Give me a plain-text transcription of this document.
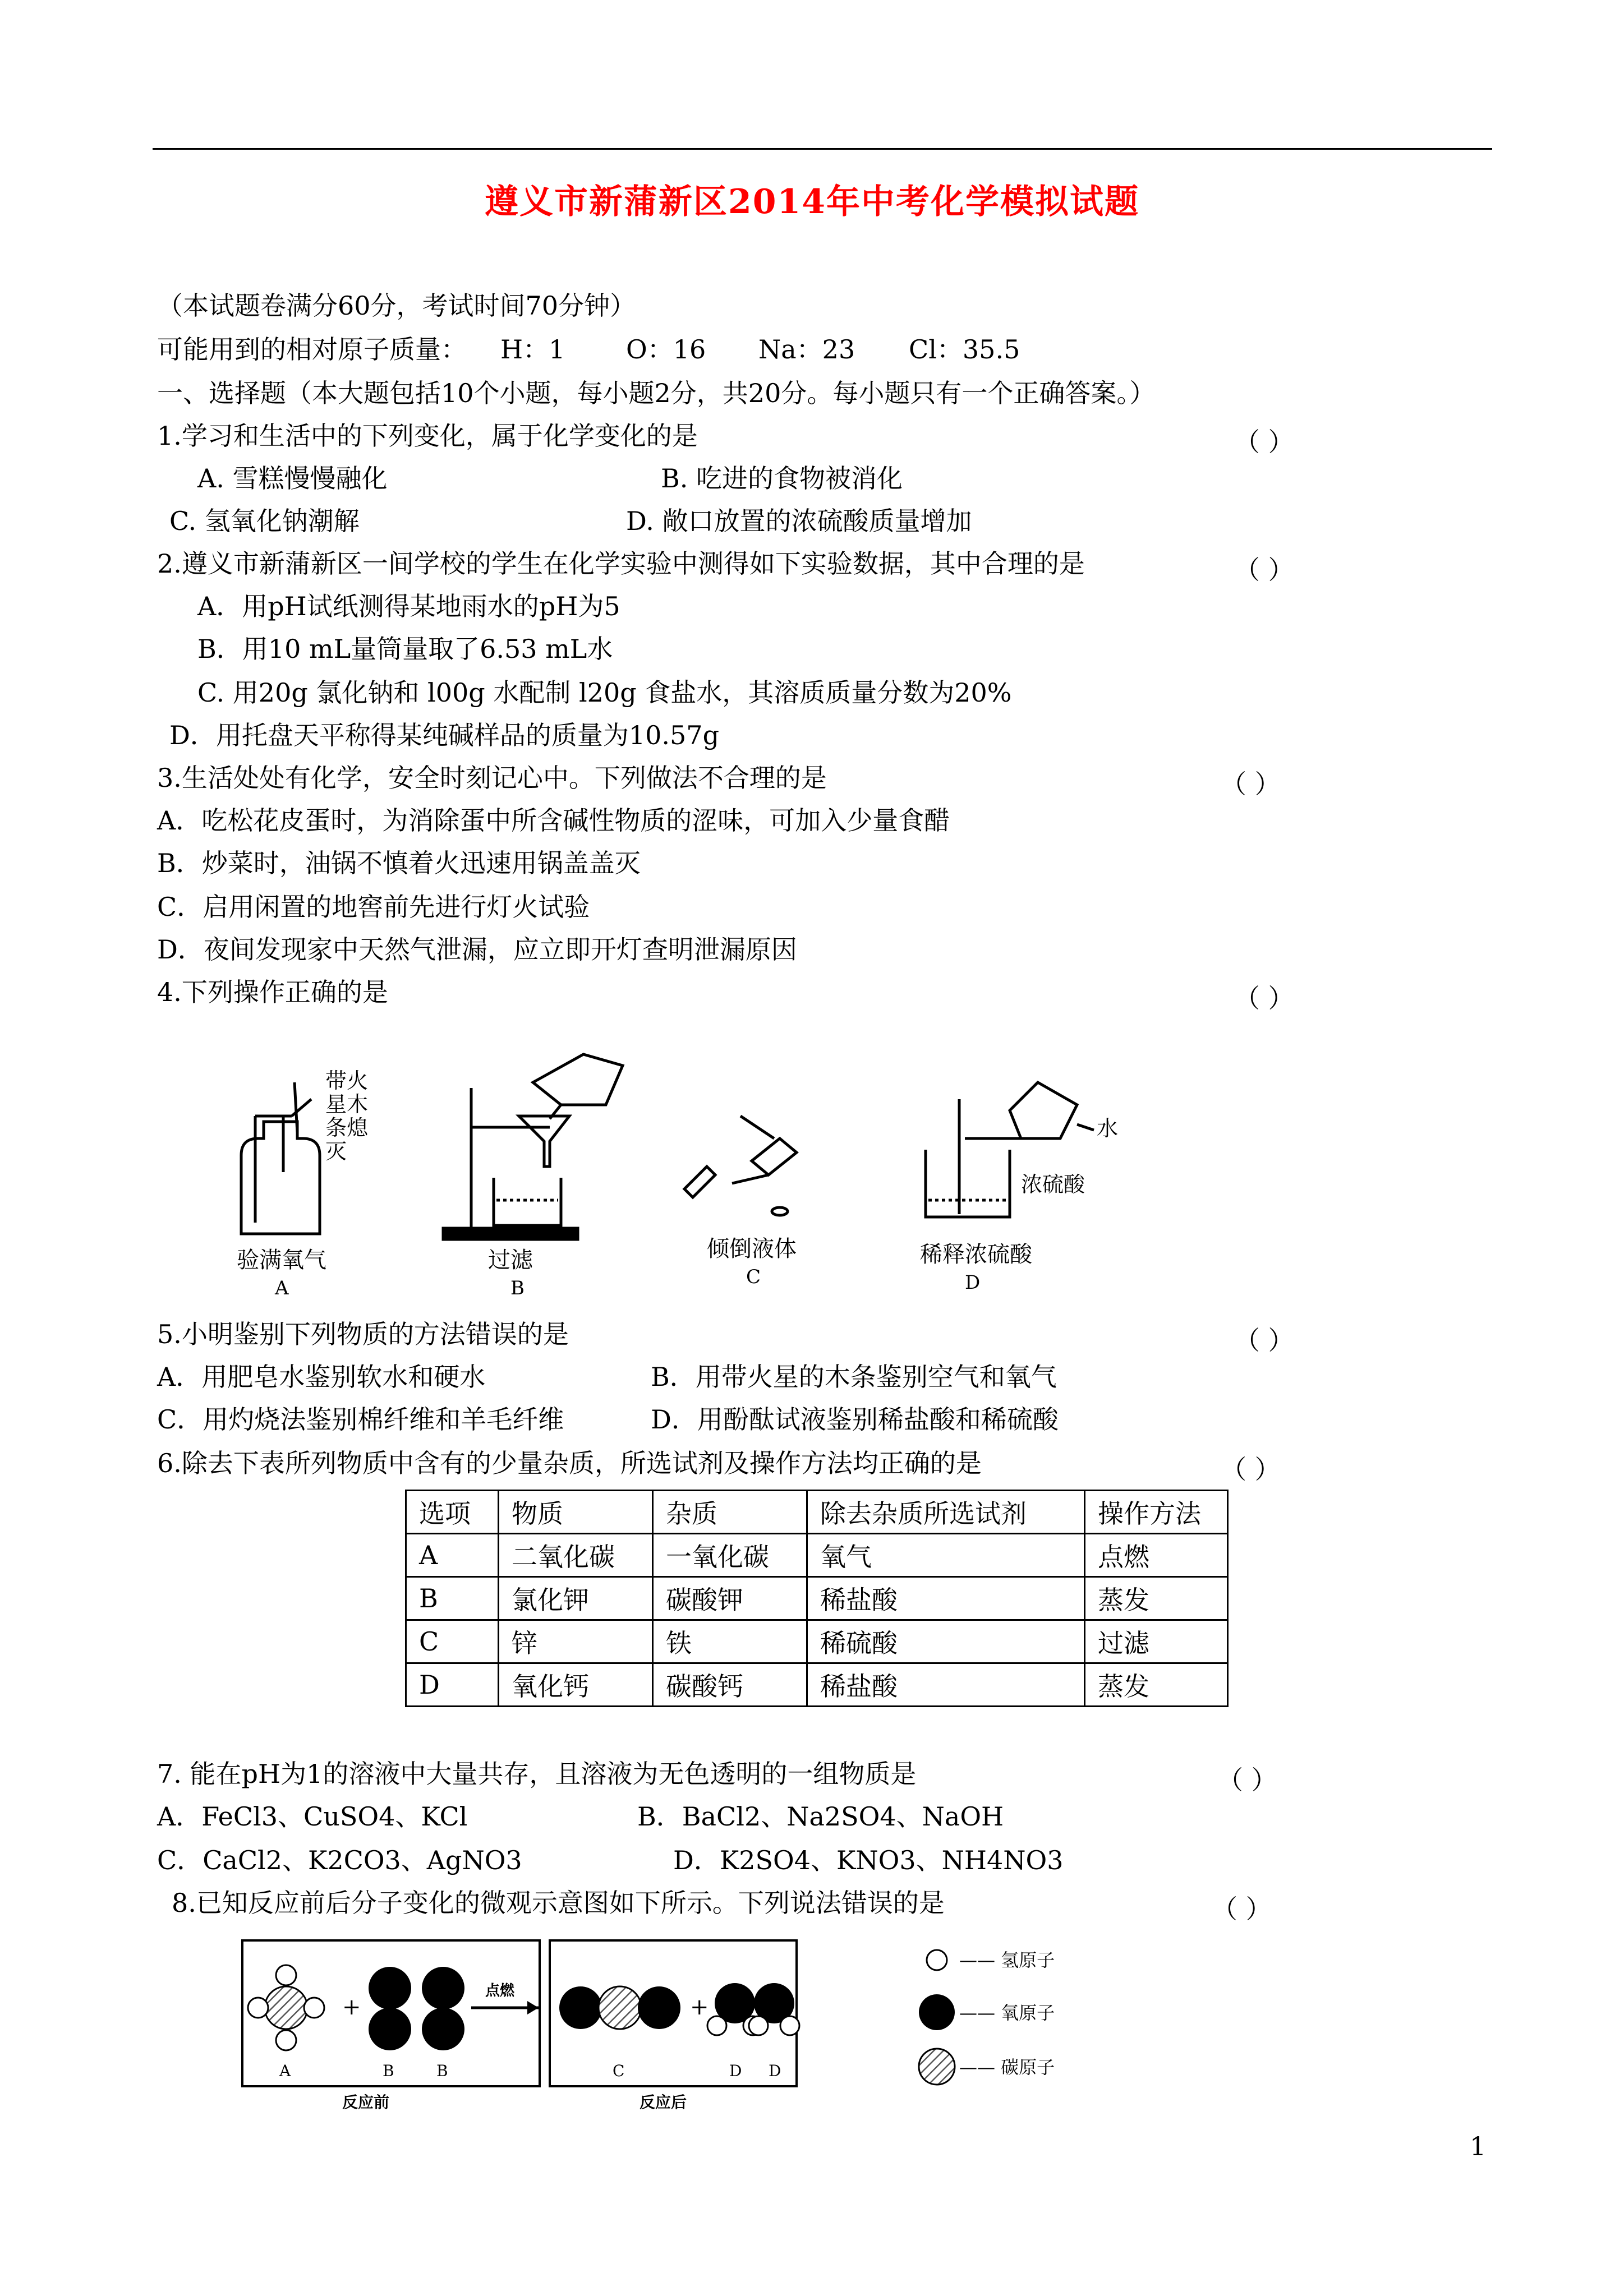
遵义市新蒲新区2014年中考化学模拟试题
（本试题卷满分60分，考试时间70分钟）
可能用到的相对原子质量： H：1 O：16 Na：23 Cl：35.5
一、选择题（本大题包括10个小题，每小题2分，共20分。每小题只有一个正确答案。）
1.学习和生活中的下列变化，属于化学变化的是	（ ）
A. 雪糕慢慢融化	B. 吃进的食物被消化
C. 氢氧化钠潮解	D. 敞口放置的浓硫酸质量增加
2.遵义市新蒲新区一间学校的学生在化学实验中测得如下实验数据，其中合理的是	（ ）
A．用pH试纸测得某地雨水的pH为5
B．用10 mL量筒量取了6.53 mL水
C. 用20g 氯化钠和 l00g 水配制 l20g 食盐水，其溶质质量分数为20%
D．用托盘天平称得某纯碱样品的质量为10.57g
3.生活处处有化学，安全时刻记心中。下列做法不合理的是	（ ）
A．吃松花皮蛋时，为消除蛋中所含碱性物质的涩味，可加入少量食醋
B．炒菜时，油锅不慎着火迅速用锅盖盖灭
C．启用闲置的地窖前先进行灯火试验
D．夜间发现家中天然气泄漏，应立即开灯查明泄漏原因
4.下列操作正确的是	（ ）
带火
星木
条熄
灭
验满氧气
A
过滤
B
倾倒液体
C
水
浓硫酸
稀释浓硫酸
D
5.小明鉴别下列物质的方法错误的是	（ ）
A．用肥皂水鉴别软水和硬水	B．用带火星的木条鉴别空气和氧气
C．用灼烧法鉴别棉纤维和羊毛纤维	D．用酚酞试液鉴别稀盐酸和稀硫酸
6.除去下表所列物质中含有的少量杂质，所选试剂及操作方法均正确的是	（ ）
选项	物质	杂质	除去杂质所选试剂	操作方法
A	二氧化碳	一氧化碳	氧气	点燃
B	氯化钾	碳酸钾	稀盐酸	蒸发
C	锌	铁	稀硫酸	过滤
D	氧化钙	碳酸钙	稀盐酸	蒸发
7. 能在pH为1的溶液中大量共存，且溶液为无色透明的一组物质是	（ ）
A．FeCl3、CuSO4、KCl	B．BaCl2、Na2SO4、NaOH
C．CaCl2、K2CO3、AgNO3	D．K2SO4、KNO3、NH4NO3
8.已知反应前后分子变化的微观示意图如下所示。下列说法错误的是	（ ）
+
点燃
+
A	B	B	C	D D
反应前	反应后
—— 氢原子
—— 氧原子
—— 碳原子
1
